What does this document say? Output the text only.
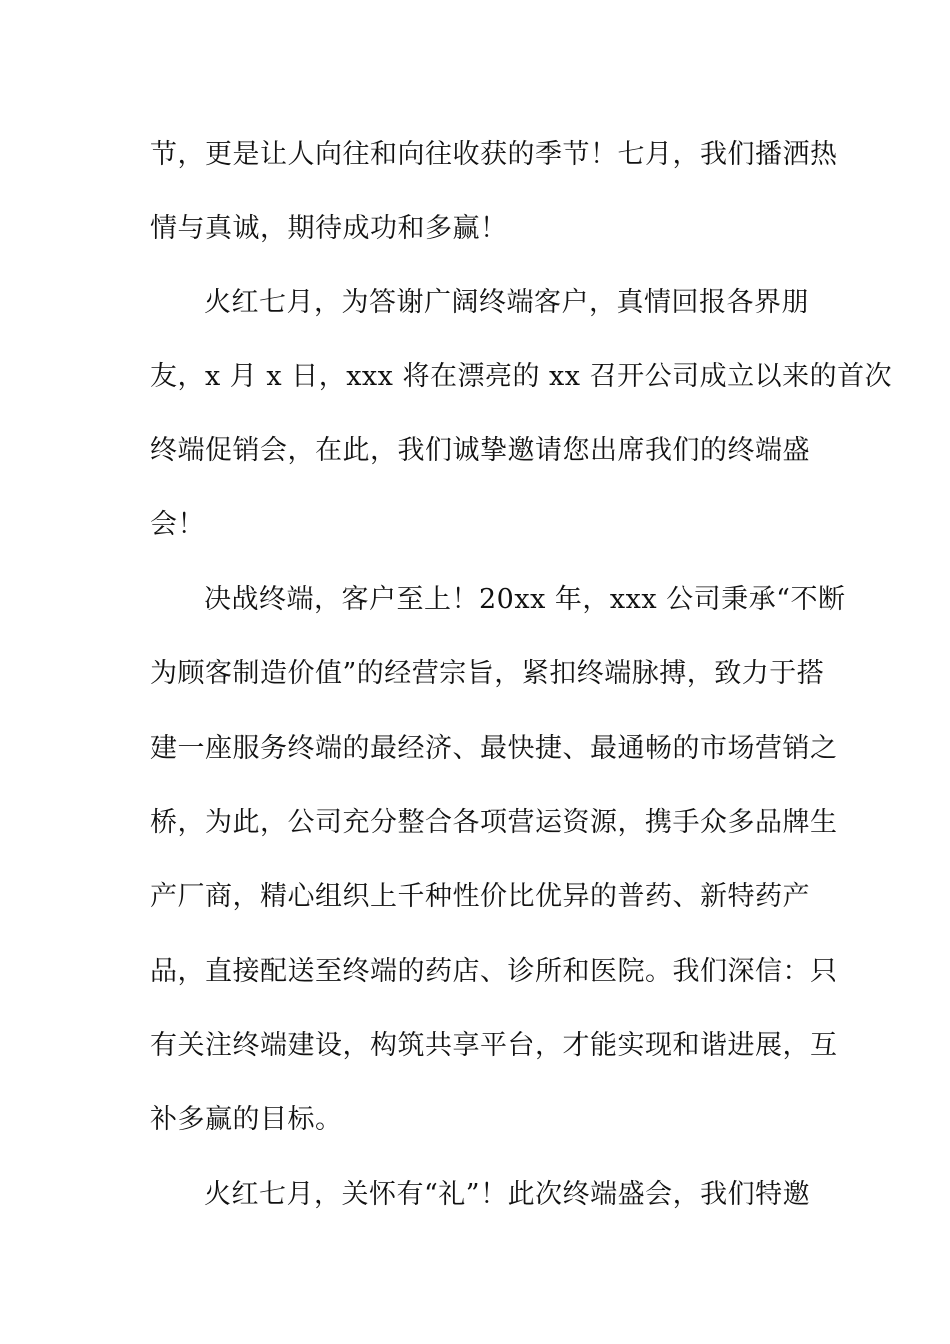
节，更是让人向往和向往收获的季节！七月，我们播洒热
情与真诚，期待成功和多赢！
火红七月，为答谢广阔终端客户，真情回报各界朋
友，x 月 x 日，xxx 将在漂亮的 xx 召开公司成立以来的首次
终端促销会，在此，我们诚挚邀请您出席我们的终端盛
会！
决战终端，客户至上！20xx 年，xxx 公司秉承“不断
为顾客制造价值”的经营宗旨，紧扣终端脉搏，致力于搭
建一座服务终端的最经济、最快捷、最通畅的市场营销之
桥，为此，公司充分整合各项营运资源，携手众多品牌生
产厂商，精心组织上千种性价比优异的普药、新特药产
品，直接配送至终端的药店、诊所和医院。我们深信：只
有关注终端建设，构筑共享平台，才能实现和谐进展，互
补多赢的目标。
火红七月，关怀有“礼”！此次终端盛会，我们特邀
